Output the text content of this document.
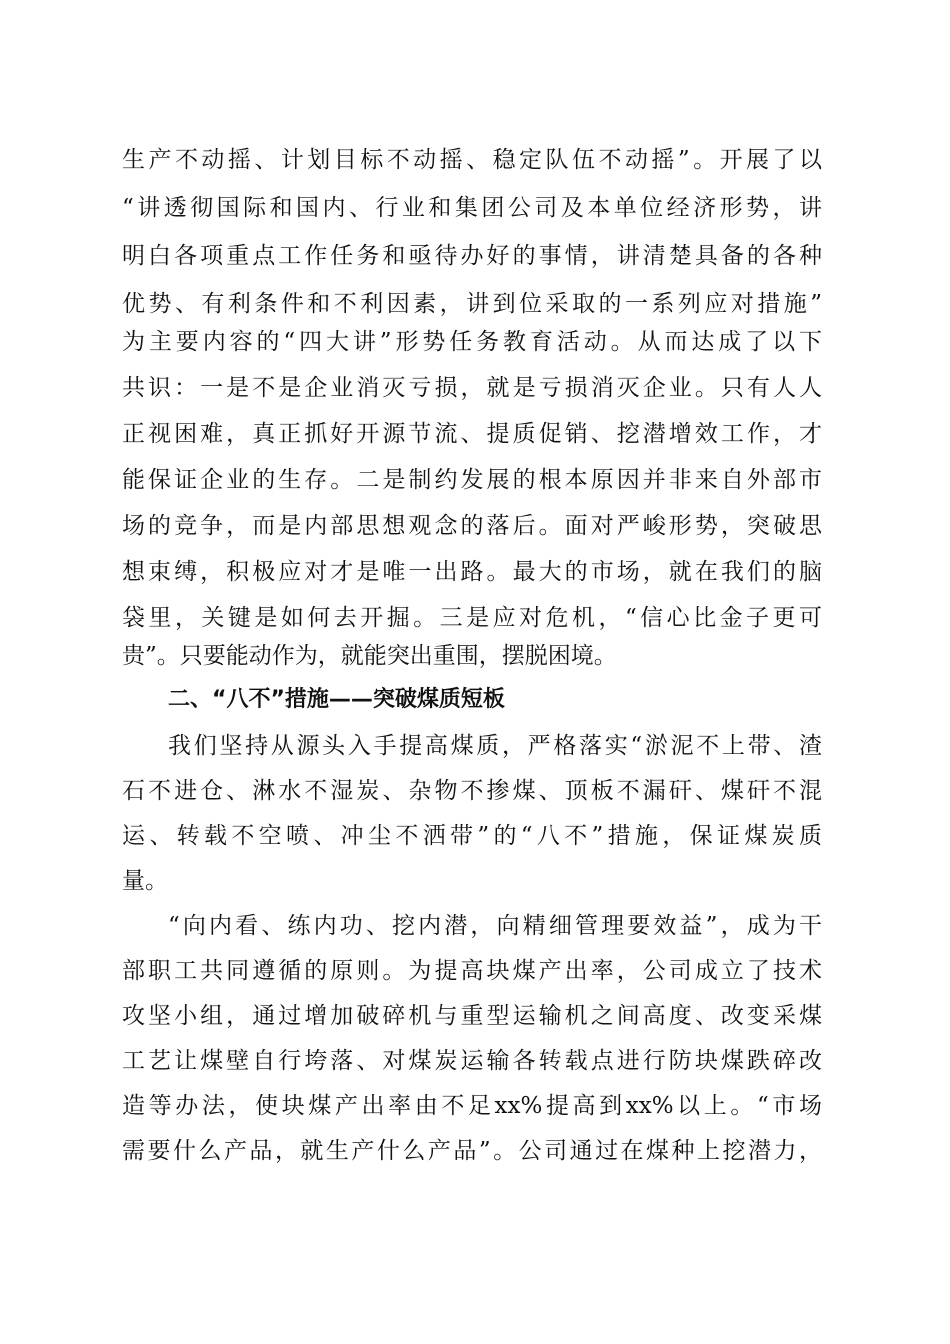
生产不动摇、计划目标不动摇、稳定队伍不动摇”。开展了以
“讲透彻国际和国内、行业和集团公司及本单位经济形势，讲
明白各项重点工作任务和亟待办好的事情，讲清楚具备的各种
优势、有利条件和不利因素，讲到位采取的一系列应对措施”
为主要内容的“四大讲”形势任务教育活动。从而达成了以下
共识：一是不是企业消灭亏损，就是亏损消灭企业。只有人人
正视困难，真正抓好开源节流、提质促销、挖潜增效工作，才
能保证企业的生存。二是制约发展的根本原因并非来自外部市
场的竞争，而是内部思想观念的落后。面对严峻形势，突破思
想束缚，积极应对才是唯一出路。最大的市场，就在我们的脑
袋里，关键是如何去开掘。三是应对危机，“信心比金子更可
贵”。只要能动作为，就能突出重围，摆脱困境。
二、“八不”措施——突破煤质短板
我们坚持从源头入手提高煤质，严格落实“淤泥不上带、渣
石不进仓、淋水不湿炭、杂物不掺煤、顶板不漏矸、煤矸不混
运、转载不空喷、冲尘不洒带”的“八不”措施，保证煤炭质
量。
“向内看、练内功、挖内潜，向精细管理要效益”，成为干
部职工共同遵循的原则。为提高块煤产出率，公司成立了技术
攻坚小组，通过增加破碎机与重型运输机之间高度、改变采煤
工艺让煤壁自行垮落、对煤炭运输各转载点进行防块煤跌碎改
造等办法，使块煤产出率由不足xx%提高到xx%以上。“市场
需要什么产品，就生产什么产品”。公司通过在煤种上挖潜力，
